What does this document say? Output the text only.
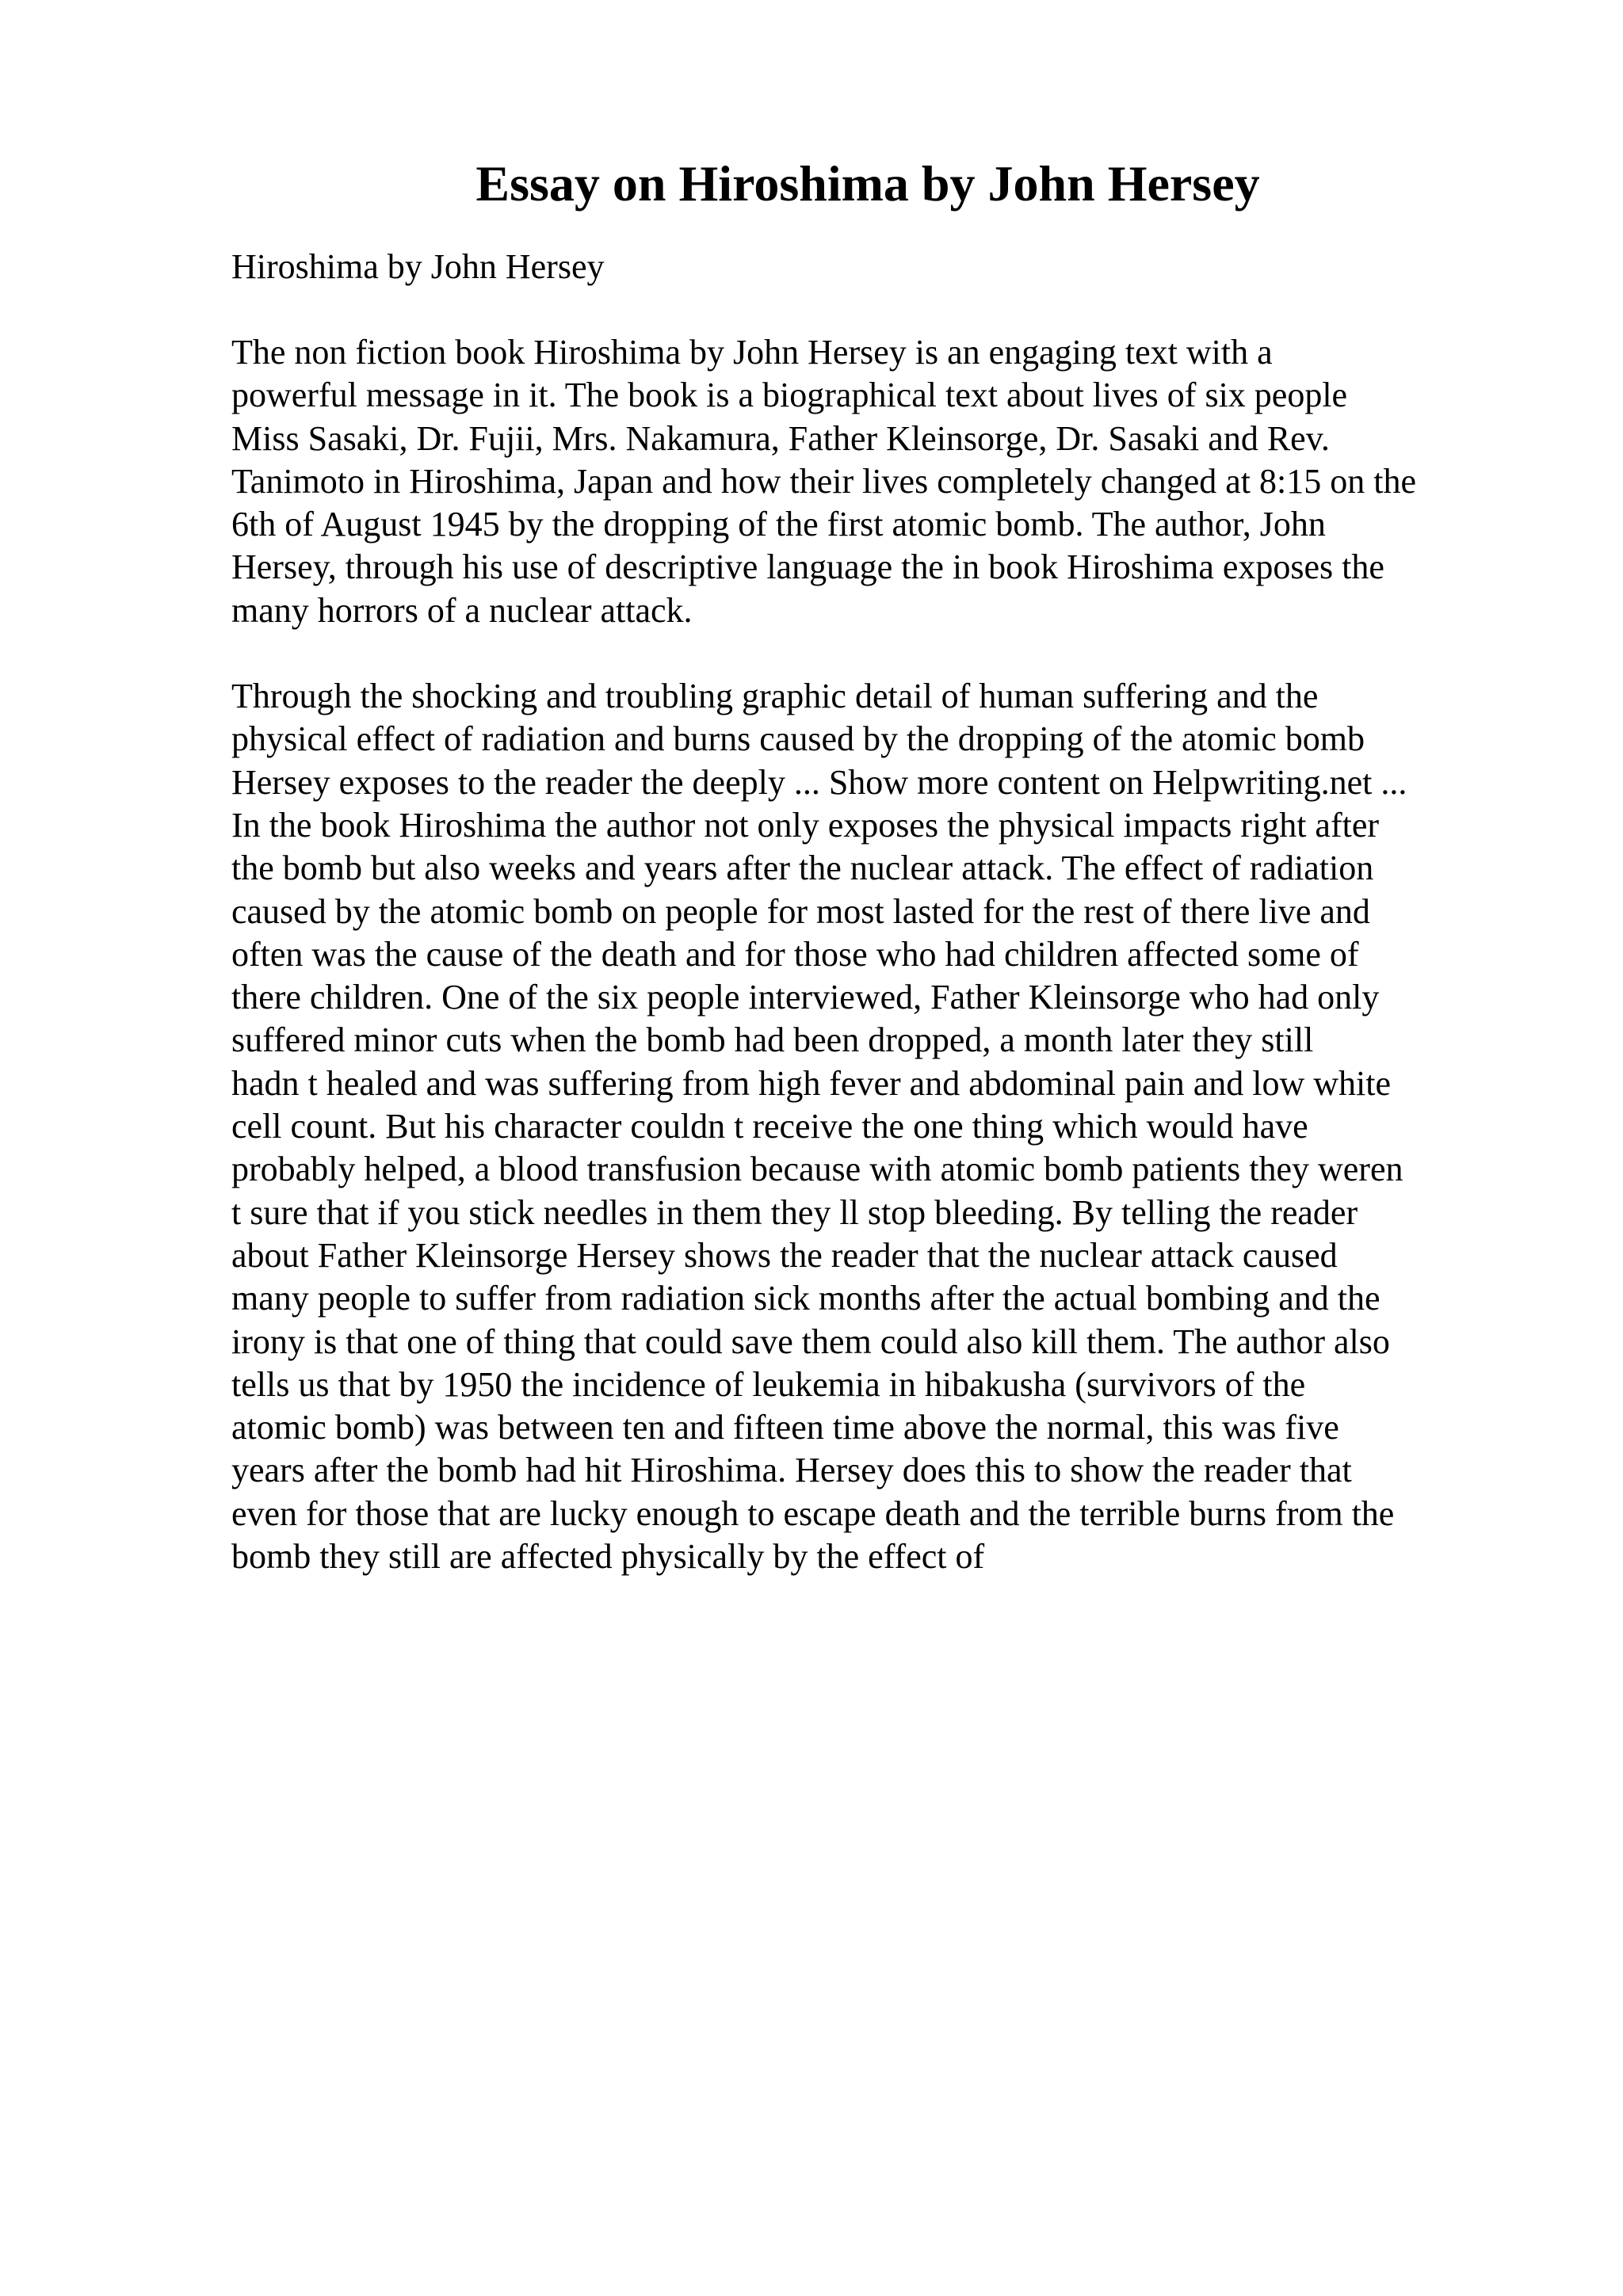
Essay on Hiroshima by John Hersey

Hiroshima by John Hersey

The non fiction book Hiroshima by John Hersey is an engaging text with a
powerful message in it. The book is a biographical text about lives of six people
Miss Sasaki, Dr. Fujii, Mrs. Nakamura, Father Kleinsorge, Dr. Sasaki and Rev.
Tanimoto in Hiroshima, Japan and how their lives completely changed at 8:15 on the
6th of August 1945 by the dropping of the first atomic bomb. The author, John
Hersey, through his use of descriptive language the in book Hiroshima exposes the
many horrors of a nuclear attack.

Through the shocking and troubling graphic detail of human suffering and the
physical effect of radiation and burns caused by the dropping of the atomic bomb
Hersey exposes to the reader the deeply ... Show more content on Helpwriting.net ...
In the book Hiroshima the author not only exposes the physical impacts right after
the bomb but also weeks and years after the nuclear attack. The effect of radiation
caused by the atomic bomb on people for most lasted for the rest of there live and
often was the cause of the death and for those who had children affected some of
there children. One of the six people interviewed, Father Kleinsorge who had only
suffered minor cuts when the bomb had been dropped, a month later they still
hadn t healed and was suffering from high fever and abdominal pain and low white
cell count. But his character couldn t receive the one thing which would have
probably helped, a blood transfusion because with atomic bomb patients they weren
t sure that if you stick needles in them they ll stop bleeding. By telling the reader
about Father Kleinsorge Hersey shows the reader that the nuclear attack caused
many people to suffer from radiation sick months after the actual bombing and the
irony is that one of thing that could save them could also kill them. The author also
tells us that by 1950 the incidence of leukemia in hibakusha (survivors of the
atomic bomb) was between ten and fifteen time above the normal, this was five
years after the bomb had hit Hiroshima. Hersey does this to show the reader that
even for those that are lucky enough to escape death and the terrible burns from the
bomb they still are affected physically by the effect of
